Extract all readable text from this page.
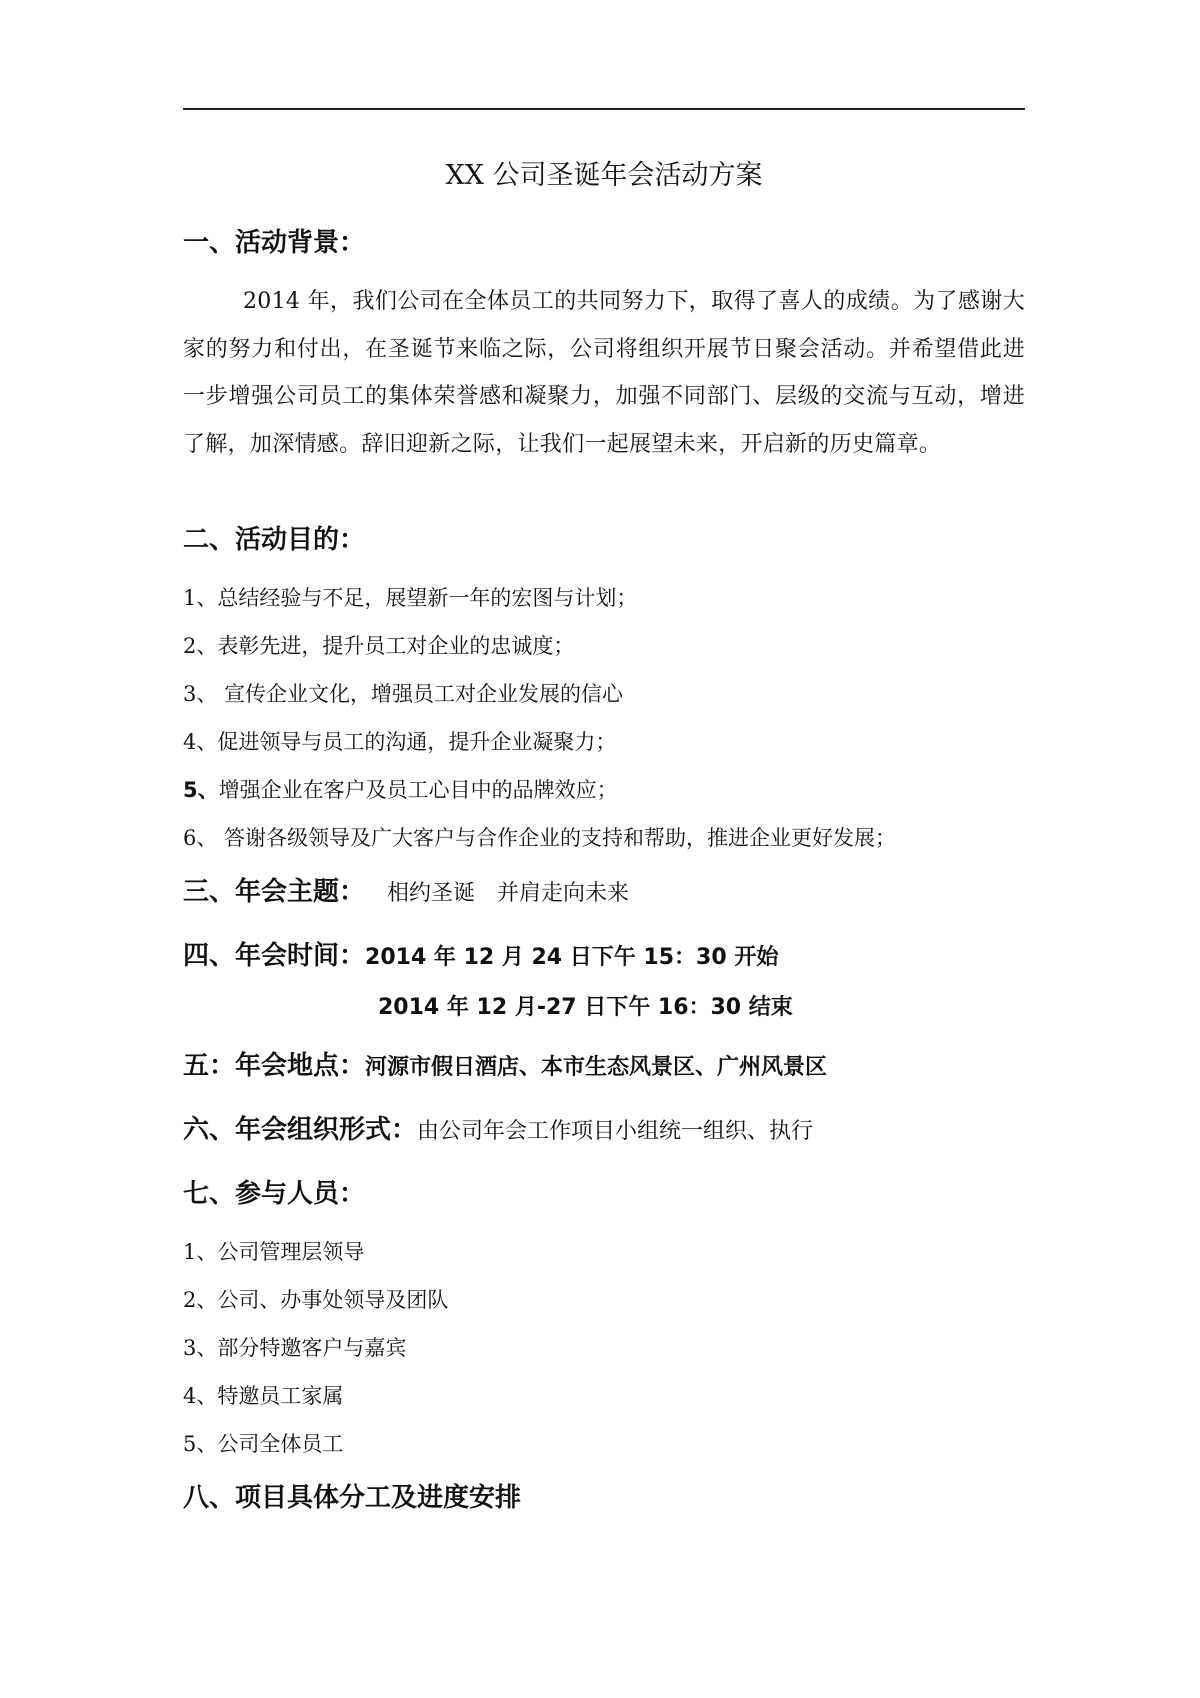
XX 公司圣诞年会活动方案
一、活动背景：
2014 年，我们公司在全体员工的共同努力下，取得了喜人的成绩。为了感谢大家的努力和付出，在圣诞节来临之际，公司将组织开展节日聚会活动。并希望借此进一步增强公司员工的集体荣誉感和凝聚力，加强不同部门、层级的交流与互动，增进了解，加深情感。辞旧迎新之际，让我们一起展望未来，开启新的历史篇章。
二、活动目的：
1、总结经验与不足，展望新一年的宏图与计划；
2、表彰先进，提升员工对企业的忠诚度；
3、 宣传企业文化，增强员工对企业发展的信心
4、促进领导与员工的沟通，提升企业凝聚力；
5、增强企业在客户及员工心目中的品牌效应；
6、 答谢各级领导及广大客户与合作企业的支持和帮助，推进企业更好发展；
三、年会主题： 相约圣诞 并肩走向未来
四、年会时间：2014 年 12 月 24 日下午 15：30 开始
2014 年 12 月-27 日下午 16：30 结束
五：年会地点：河源市假日酒店、本市生态风景区、广州风景区
六、年会组织形式：由公司年会工作项目小组统一组织、执行
七、参与人员：
1、公司管理层领导
2、公司、办事处领导及团队
3、部分特邀客户与嘉宾
4、特邀员工家属
5、公司全体员工
八、项目具体分工及进度安排
